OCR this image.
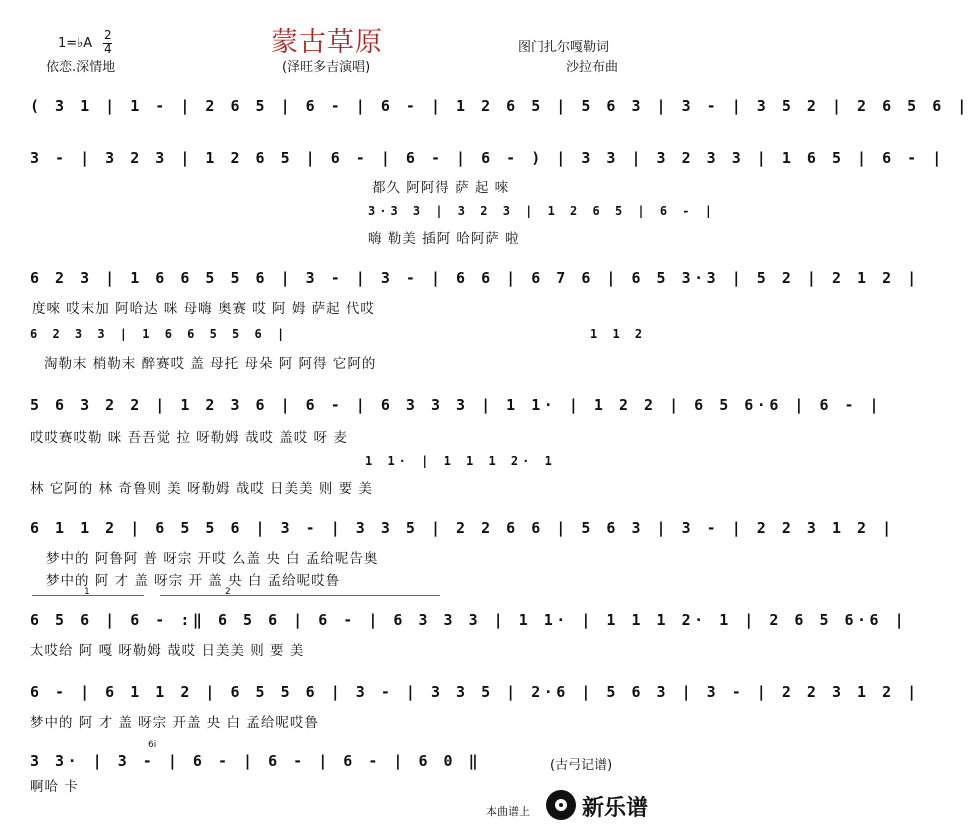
1=♭A
2
4
依恋.深情地
蒙古草原
(泽旺多吉演唱)
图门扎尔嘎勒词
沙拉布曲
( 3 1 | 1 - | 2 6 5 | 6 - | 6 - | 1 2 6 5 | 5 6 3 | 3 - | 3 5 2 | 2 6 5 6 |
3 - | 3 2 3 | 1 2 6 5 | 6 - | 6 - | 6 - ) | 3 3 | 3 2 3 3 | 1 6 5 | 6 - |
都久 阿阿得 萨 起 唻
3·3 3 | 3 2 3 | 1 2 6 5 | 6 - |
嗨 勒美 插阿 哈阿萨 啦
6 2 3 | 1 6 6 5 5 6 | 3 - | 3 - | 6 6 | 6 7 6 | 6 5 3·3 | 5 2 | 2 1 2 |
度唻 哎末加 阿哈达 咪 母嗨 奥赛 哎 阿 姆 萨起 代哎
6 2 3 3 | 1 6 6 5 5 6 |	1 1 2
淘勒末 梢勒末 醉赛哎 盖 母托 母朵 阿 阿得 它阿的
5 6 3 2 2 | 1 2 3 6 | 6 - | 6 3 3 3 | 1 1· | 1 2 2 | 6 5 6·6 | 6 - |
哎哎赛哎勒 咪 吾吾觉 拉 呀勒姆 哉哎 盖哎 呀 麦
1 1· | 1 1 1 2· 1
林 它阿的 林 奇鲁则 美 呀勒姆 哉哎 日美美 则 要 美
6 1 1 2 | 6 5 5 6 | 3 - | 3 3 5 | 2 2 6 6 | 5 6 3 | 3 - | 2 2 3 1 2 |
梦中的 阿鲁阿 普 呀宗 开哎 么盖 央 白 孟给呢告奥
梦中的 阿 才 盖 呀宗 开 盖 央 白 孟给呢哎鲁
1	2
6 5 6 | 6 - :‖ 6 5 6 | 6 - | 6 3 3 3 | 1 1· | 1 1 1 2· 1 | 2 6 5 6·6 |
太哎给 阿 嘎 呀勒姆 哉哎 日美美 则 要 美
6 - | 6 1 1 2 | 6 5 5 6 | 3 - | 3 3 5 | 2·6 | 5 6 3 | 3 - | 2 2 3 1 2 |
梦中的 阿 才 盖 呀宗 开盖 央 白 孟给呢哎鲁
6i
3 3· | 3 - | 6 - | 6 - | 6 - | 6 0 ‖
啊哈 卡
(古弓记谱)
本曲谱上 新乐谱
